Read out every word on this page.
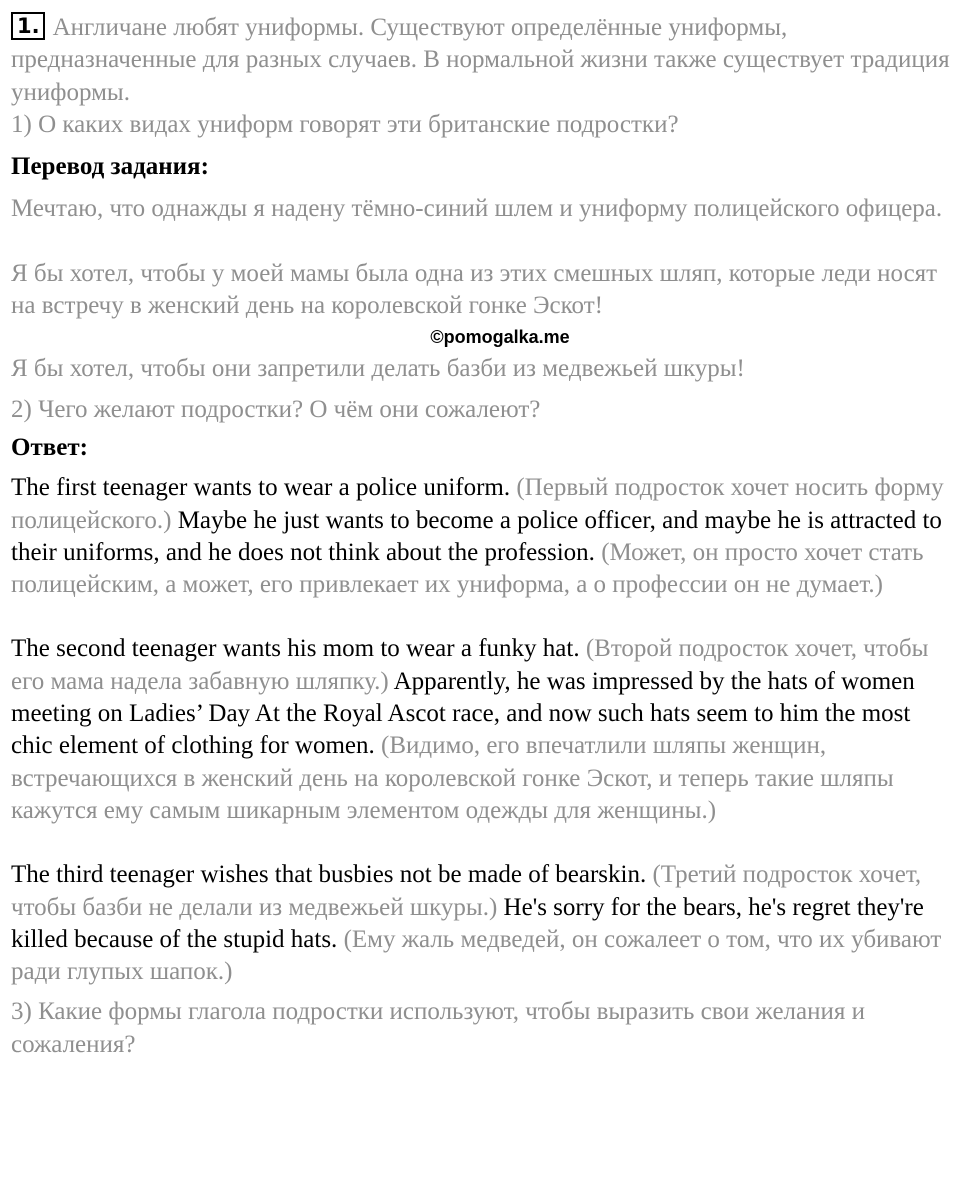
1. Англичане любят униформы. Существуют определённые униформы, предназначенные для разных случаев. В нормальной жизни также существует традиция униформы.

1) О каких видах униформ говорят эти британские подростки?

Перевод задания:

Мечтаю, что однажды я надену тёмно-синий шлем и униформу полицейского офицера.

Я бы хотел, чтобы у моей мамы была одна из этих смешных шляп, которые леди носят на встречу в женский день на королевской гонке Эскот!

©pomogalka.me

Я бы хотел, чтобы они запретили делать базби из медвежьей шкуры!

2) Чего желают подростки? О чём они сожалеют?

Ответ:

The first teenager wants to wear a police uniform. (Первый подросток хочет носить форму полицейского.) Maybe he just wants to become a police officer, and maybe he is attracted to their uniforms, and he does not think about the profession. (Может, он просто хочет стать полицейским, а может, его привлекает их униформа, а о профессии он не думает.)

The second teenager wants his mom to wear a funky hat. (Второй подросток хочет, чтобы его мама надела забавную шляпку.) Apparently, he was impressed by the hats of women meeting on Ladies’ Day At the Royal Ascot race, and now such hats seem to him the most chic element of clothing for women. (Видимо, его впечатлили шляпы женщин, встречающихся в женский день на королевской гонке Эскот, и теперь такие шляпы кажутся ему самым шикарным элементом одежды для женщины.)

The third teenager wishes that busbies not be made of bearskin. (Третий подросток хочет, чтобы базби не делали из медвежьей шкуры.) He's sorry for the bears, he's regret they're killed because of the stupid hats. (Ему жаль медведей, он сожалеет о том, что их убивают ради глупых шапок.)

3) Какие формы глагола подростки используют, чтобы выразить свои желания и сожаления?
